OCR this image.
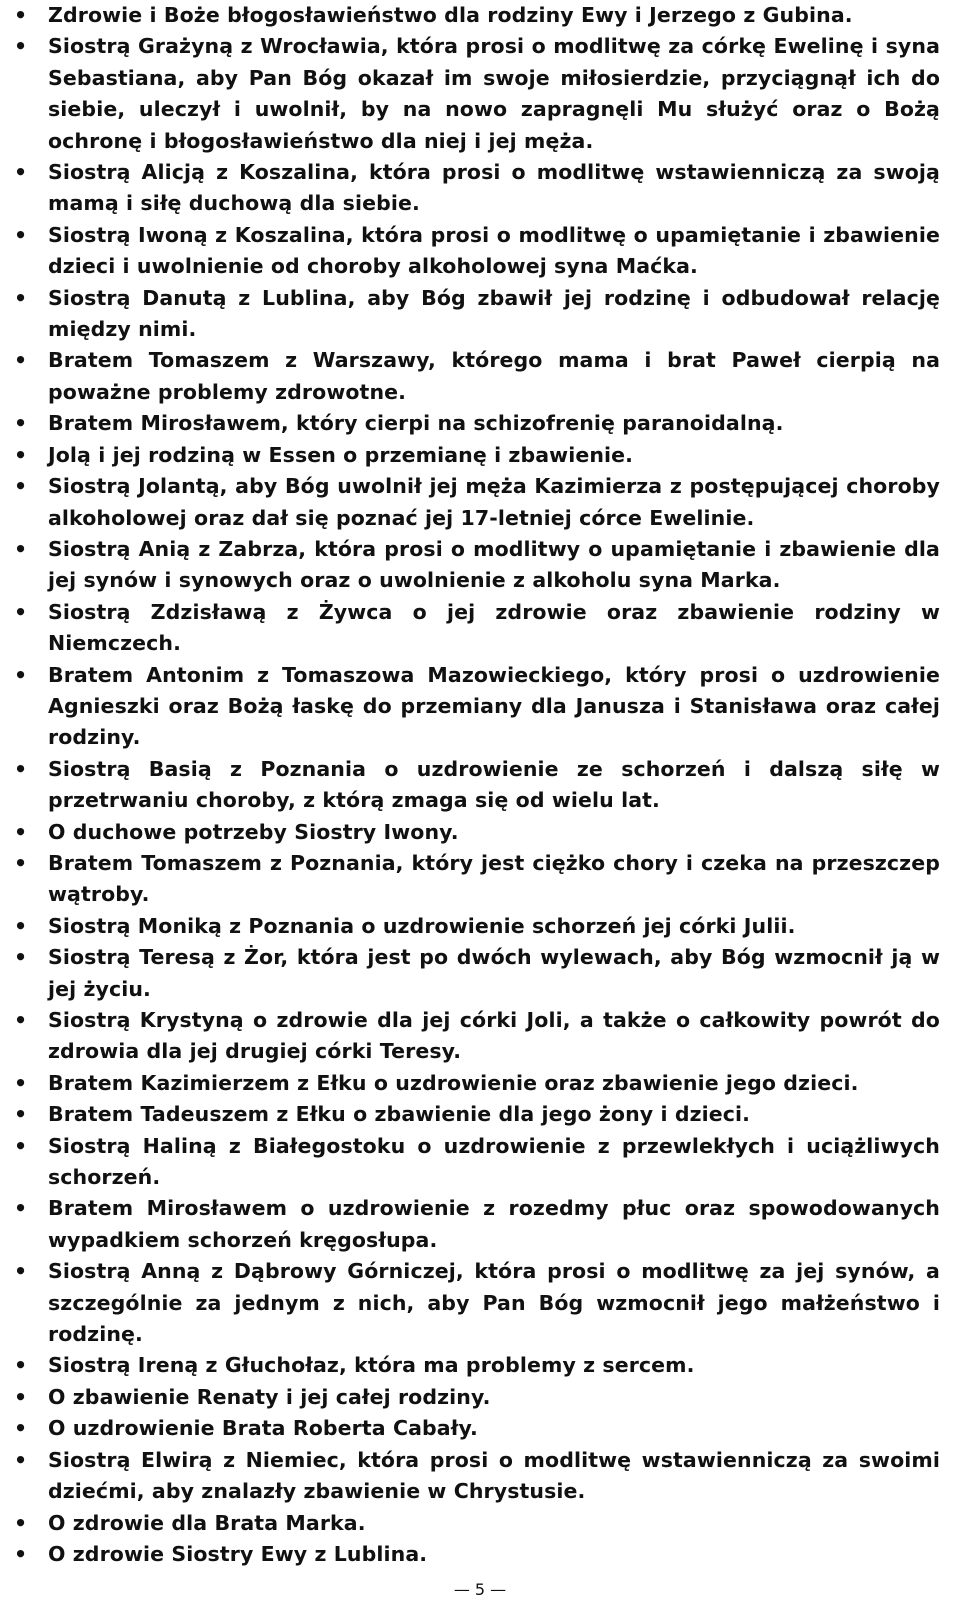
•	Zdrowie i Boże błogosławieństwo dla rodziny Ewy i Jerzego z Gubina.
•	Siostrą Grażyną z Wrocławia, która prosi o modlitwę za córkę Ewelinę i syna Sebastiana, aby Pan Bóg okazał im swoje miłosierdzie, przyciągnął ich do siebie, uleczył i uwolnił, by na nowo zapragnęli Mu służyć oraz o Bożą ochronę i błogosławieństwo dla niej i jej męża.
•	Siostrą Alicją z Koszalina, która prosi o modlitwę wstawienniczą za swoją mamą i siłę duchową dla siebie.
•	Siostrą Iwoną z Koszalina, która prosi o modlitwę o upamiętanie i zbawienie dzieci i uwolnienie od choroby alkoholowej syna Maćka.
•	Siostrą Danutą z Lublina, aby Bóg zbawił jej rodzinę i odbudował relację między nimi.
•	Bratem Tomaszem z Warszawy, którego mama i brat Paweł cierpią na poważne problemy zdrowotne.
•	Bratem Mirosławem, który cierpi na schizofrenię paranoidalną.
•	Jolą i jej rodziną w Essen o przemianę i zbawienie.
•	Siostrą Jolantą, aby Bóg uwolnił jej męża Kazimierza z postępującej choroby alkoholowej oraz dał się poznać jej 17-letniej córce Ewelinie.
•	Siostrą Anią z Zabrza, która prosi o modlitwy o upamiętanie i zbawienie dla jej synów i synowych oraz o uwolnienie z alkoholu syna Marka.
•	Siostrą Zdzisławą z Żywca o jej zdrowie oraz zbawienie rodziny w Niemczech.
•	Bratem Antonim z Tomaszowa Mazowieckiego, który prosi o uzdrowienie Agnieszki oraz Bożą łaskę do przemiany dla Janusza i Stanisława oraz całej rodziny.
•	Siostrą Basią z Poznania o uzdrowienie ze schorzeń i dalszą siłę w przetrwaniu choroby, z którą zmaga się od wielu lat.
•	O duchowe potrzeby Siostry Iwony.
•	Bratem Tomaszem z Poznania, który jest ciężko chory i czeka na przeszczep wątroby.
•	Siostrą Moniką z Poznania o uzdrowienie schorzeń jej córki Julii.
•	Siostrą Teresą z Żor, która jest po dwóch wylewach, aby Bóg wzmocnił ją w jej życiu.
•	Siostrą Krystyną o zdrowie dla jej córki Joli, a także o całkowity powrót do zdrowia dla jej drugiej córki Teresy.
•	Bratem Kazimierzem z Ełku o uzdrowienie oraz zbawienie jego dzieci.
•	Bratem Tadeuszem z Ełku o zbawienie dla jego żony i dzieci.
•	Siostrą Haliną z Białegostoku o uzdrowienie z przewlekłych i uciążliwych schorzeń.
•	Bratem Mirosławem o uzdrowienie z rozedmy płuc oraz spowodowanych wypadkiem schorzeń kręgosłupa.
•	Siostrą Anną z Dąbrowy Górniczej, która prosi o modlitwę za jej synów, a szczególnie za jednym z nich, aby Pan Bóg wzmocnił jego małżeństwo i rodzinę.
•	Siostrą Ireną z Głuchołaz, która ma problemy z sercem.
•	O zbawienie Renaty i jej całej rodziny.
•	O uzdrowienie Brata Roberta Cabały.
•	Siostrą Elwirą z Niemiec, która prosi o modlitwę wstawienniczą za swoimi dziećmi, aby znalazły zbawienie w Chrystusie.
•	O zdrowie dla Brata Marka.
•	O zdrowie Siostry Ewy z Lublina.
— 5 —
